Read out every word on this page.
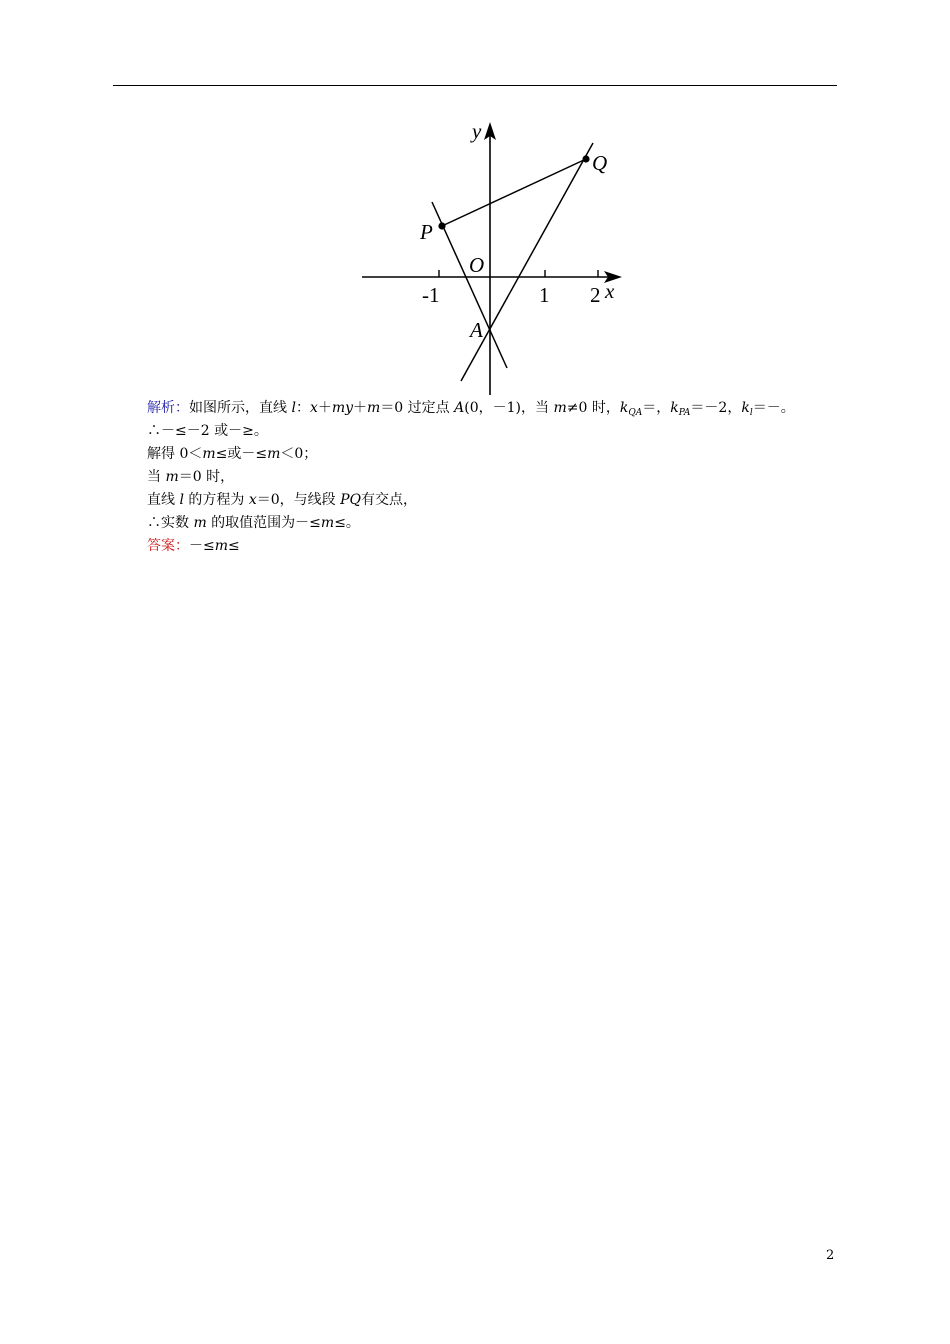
-1	1 2 x
y
O
P
Q
A
解析：如图所示，直线 l：x＋my＋m＝0 过定点 A(0，－1)，当 m≠0 时，$k_{QA}=$，$k_{PA}=-2$，$k_l=-$。
∴－≤－2 或－≥。
解得 0＜m≤或－≤m＜0；
当 m＝0 时，
直线 l 的方程为 x＝0，与线段 PQ有交点，
∴实数 m 的取值范围为－≤m≤。
答案：－≤m≤
2
